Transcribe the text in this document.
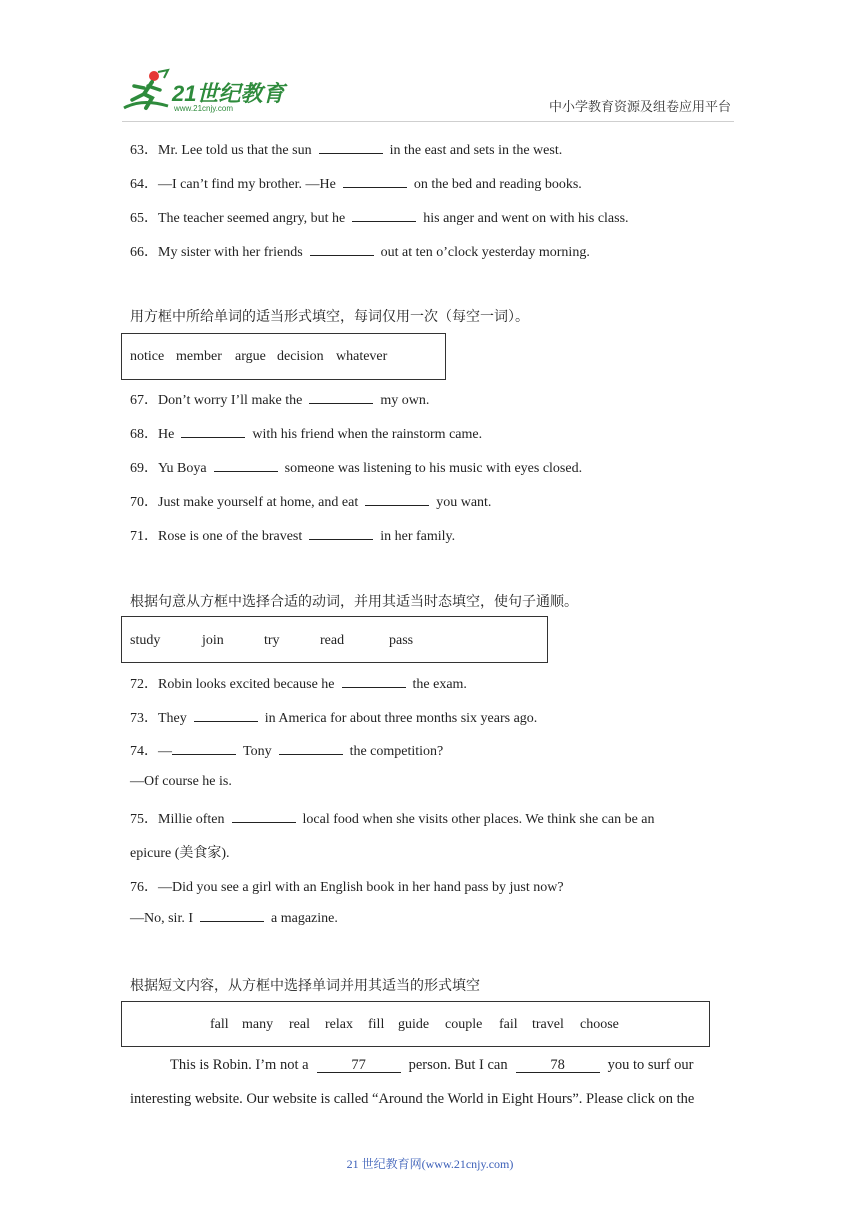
21世纪教育
www.21cnjy.com	中小学教育资源及组卷应用平台
63．Mr. Lee told us that the sun	in the east and sets in the west.
64．—I can’t find my brother. —He	on the bed and reading books.
65．The teacher seemed angry, but he	his anger and went on with his class.
66．My sister with her friends	out at ten o’clock yesterday morning.
用方框中所给单词的适当形式填空，每词仅用一次（每空一词）。
notice member argue decision whatever
67．Don’t worry I’ll make the	my own.
68．He	with his friend when the rainstorm came.
69．Yu Boya	someone was listening to his music with eyes closed.
70．Just make yourself at home, and eat	you want.
71．Rose is one of the bravest	in her family.
根据句意从方框中选择合适的动词，并用其适当时态填空，使句子通顺。
study	join	try	read	pass
72．Robin looks excited because he	the exam.
73．They	in America for about three months six years ago.
74．—	Tony	the competition?
—Of course he is.
75．Millie often	local food when she visits other places. We think she can be an
epicure (美食家).
76．—Did you see a girl with an English book in her hand pass by just now?
—No, sir. I	a magazine.
根据短文内容，从方框中选择单词并用其适当的形式填空
fall many real relax fill guide couple fail travel choose
This is Robin. I’m not a	77	person. But I can	78	you to surf our
interesting website. Our website is called “Around the World in Eight Hours”. Please click on the
21 世纪教育网(www.21cnjy.com)
